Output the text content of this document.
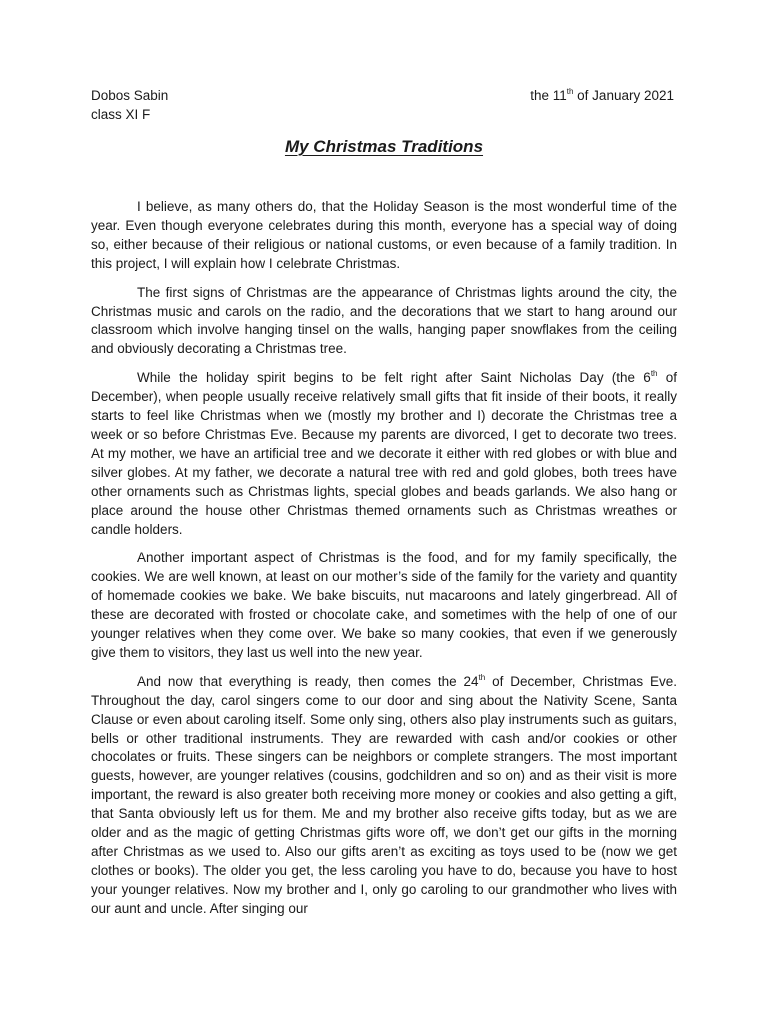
Dobos Sabin
class XI F
the 11th of January 2021
My Christmas Traditions

I believe, as many others do, that the Holiday Season is the most wonderful time of the year. Even though everyone celebrates during this month, everyone has a special way of doing so, either because of their religious or national customs, or even because of a family tradition. In this project, I will explain how I celebrate Christmas.

The first signs of Christmas are the appearance of Christmas lights around the city, the Christmas music and carols on the radio, and the decorations that we start to hang around our classroom which involve hanging tinsel on the walls, hanging paper snowflakes from the ceiling and obviously decorating a Christmas tree.

While the holiday spirit begins to be felt right after Saint Nicholas Day (the 6th of December), when people usually receive relatively small gifts that fit inside of their boots, it really starts to feel like Christmas when we (mostly my brother and I) decorate the Christmas tree a week or so before Christmas Eve. Because my parents are divorced, I get to decorate two trees. At my mother, we have an artificial tree and we decorate it either with red globes or with blue and silver globes. At my father, we decorate a natural tree with red and gold globes, both trees have other ornaments such as Christmas lights, special globes and beads garlands. We also hang or place around the house other Christmas themed ornaments such as Christmas wreathes or candle holders.

Another important aspect of Christmas is the food, and for my family specifically, the cookies. We are well known, at least on our mother’s side of the family for the variety and quantity of homemade cookies we bake. We bake biscuits, nut macaroons and lately gingerbread. All of these are decorated with frosted or chocolate cake, and sometimes with the help of one of our younger relatives when they come over. We bake so many cookies, that even if we generously give them to visitors, they last us well into the new year.

And now that everything is ready, then comes the 24th of December, Christmas Eve. Throughout the day, carol singers come to our door and sing about the Nativity Scene, Santa Clause or even about caroling itself. Some only sing, others also play instruments such as guitars, bells or other traditional instruments. They are rewarded with cash and/or cookies or other chocolates or fruits. These singers can be neighbors or complete strangers. The most important guests, however, are younger relatives (cousins, godchildren and so on) and as their visit is more important, the reward is also greater both receiving more money or cookies and also getting a gift, that Santa obviously left us for them. Me and my brother also receive gifts today, but as we are older and as the magic of getting Christmas gifts wore off, we don’t get our gifts in the morning after Christmas as we used to. Also our gifts aren’t as exciting as toys used to be (now we get clothes or books). The older you get, the less caroling you have to do, because you have to host your younger relatives. Now my brother and I, only go caroling to our grandmother who lives with our aunt and uncle. After singing our
